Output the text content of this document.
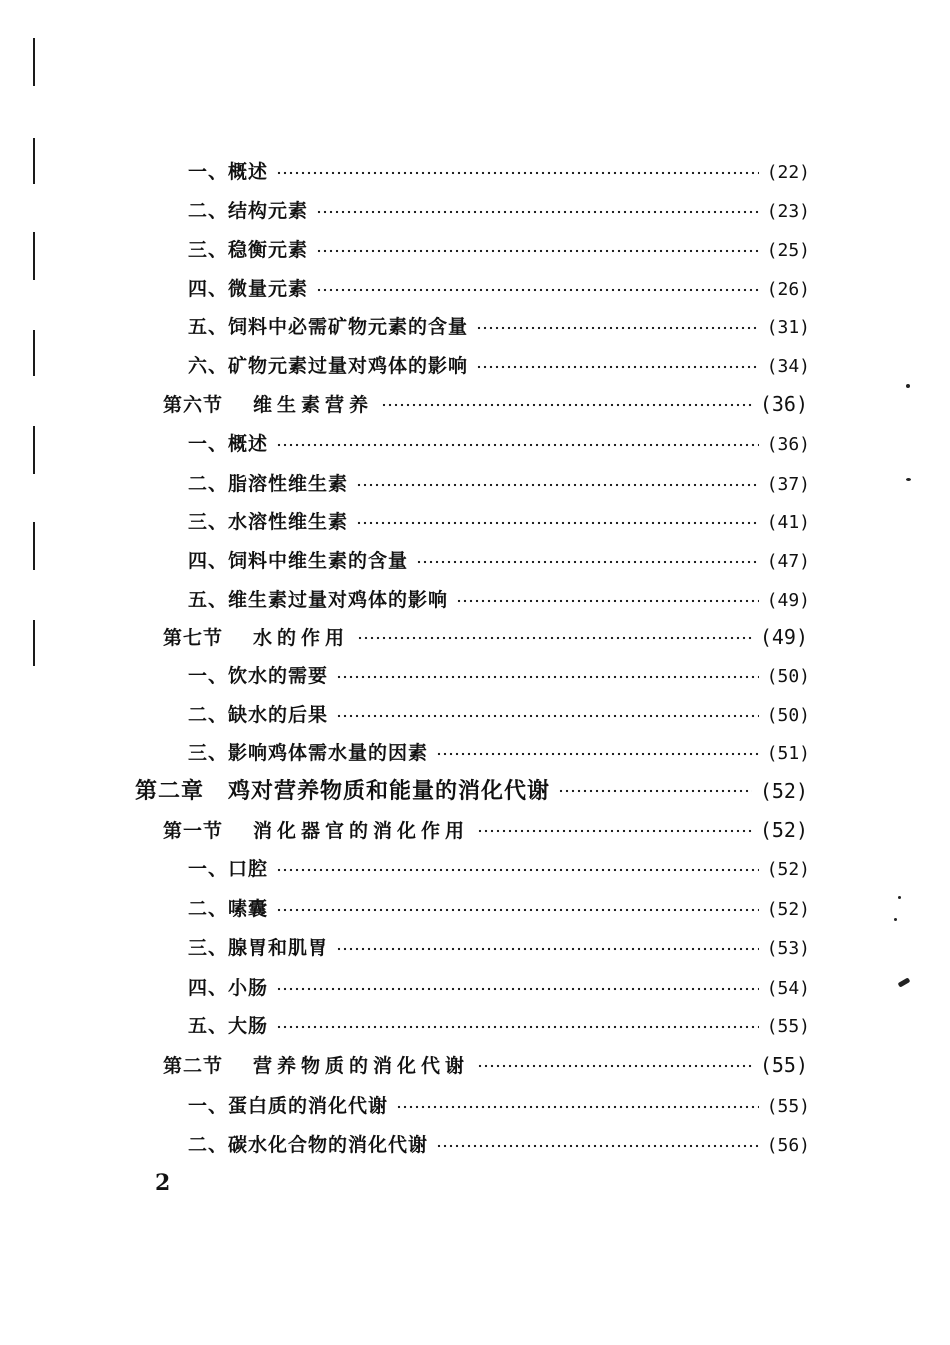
一、 概述	(22)
二、 结构元素	(23)
三、 稳衡元素	(25)
四、 微量元素	(26)
五、 饲料中必需矿物元素的含量	(31)
六、 矿物元素过量对鸡体的影响	(34)
第六节 维生素营养	(36)
一、 概述	(36)
二、 脂溶性维生素	(37)
三、 水溶性维生素	(41)
四、 饲料中维生素的含量	(47)
五、 维生素过量对鸡体的影响	(49)
第七节 水的作用	(49)
一、 饮水的需要	(50)
二、 缺水的后果	(50)
三、 影响鸡体需水量的因素	(51)
第二章 鸡对营养物质和能量的消化代谢	(52)
第一节 消化器官的消化作用	(52)
一、 口腔	(52)
二、 嗉囊	(52)
三、 腺胃和肌胃	(53)
四、 小肠	(54)
五、 大肠	(55)
第二节 营养物质的消化代谢	(55)
一、 蛋白质的消化代谢	(55)
二、 碳水化合物的消化代谢	(56)
2
